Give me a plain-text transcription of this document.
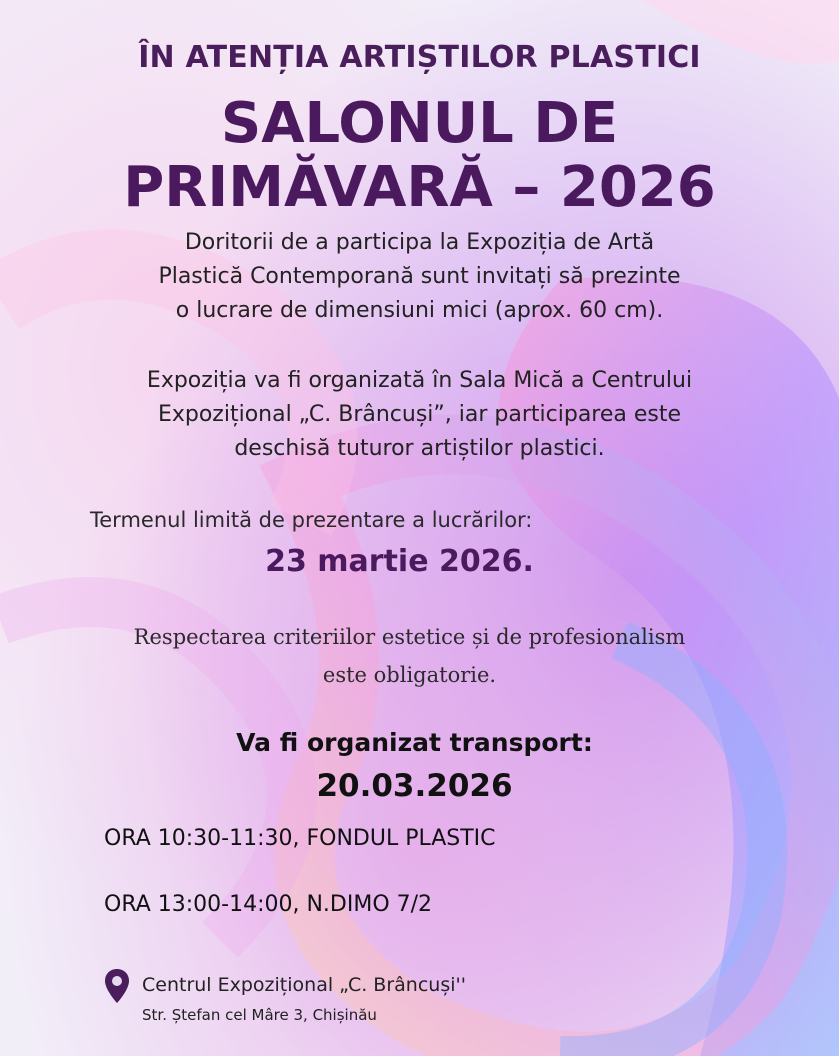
ÎN ATENȚIA ARTIȘTILOR PLASTICI
SALONUL DE
PRIMĂVARĂ – 2026

Doritorii de a participa la Expoziția de Artă
Plastică Contemporană sunt invitați să prezinte
o lucrare de dimensiuni mici (aprox. 60 cm).

Expoziția va fi organizată în Sala Mică a Centrului
Expozițional „C. Brâncuși”, iar participarea este
deschisă tuturor artiștilor plastici.

Termenul limită de prezentare a lucrărilor:

23 martie 2026.

Respectarea criteriilor estetice și de profesionalism
este obligatorie.

Va fi organizat transport:

20.03.2026

ORA 10:30-11:30, FONDUL PLASTIC

ORA 13:00-14:00, N.DIMO 7/2

Centrul Expozițional „C. Brâncuși''

Str. Ștefan cel Mâre 3, Chișinău
